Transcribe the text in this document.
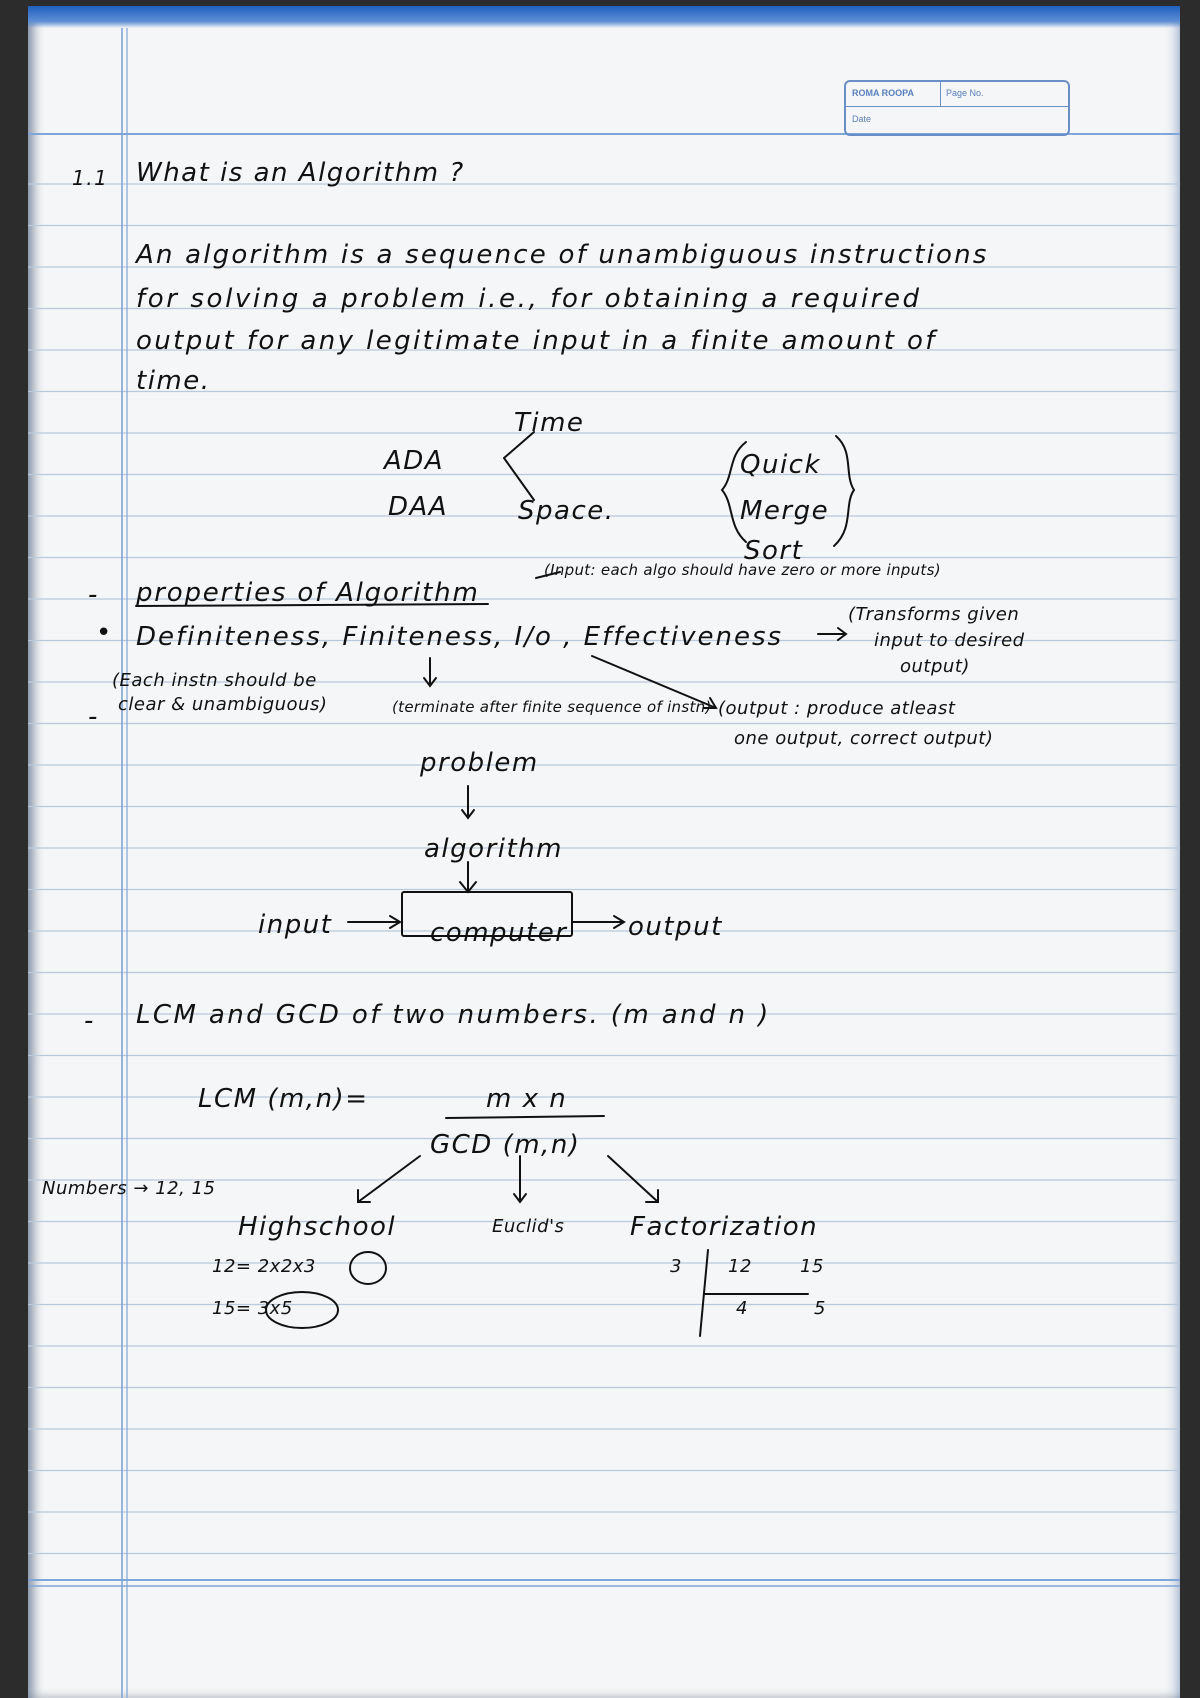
ROMA ROOPA	Page No.
Date
1.1 What is an Algorithm ?
An algorithm is a sequence of unambiguous instructions
for solving a problem i.e., for obtaining a required
output for any legitimate input in a finite amount of
time.
Time
ADA
DAA	Space.
Quick
Merge
Sort
- properties of Algorithm
(Input: each algo should have zero or more inputs)
• Definiteness, Finiteness, I/o , Effectiveness
(Transforms given
input to desired
output)
(Each instn should be
clear & unambiguous)
-	(terminate after finite sequence of instn) (output : produce atleast
one output, correct output)
problem
algorithm
input	computer output
- LCM and GCD of two numbers. (m and n )
LCM (m,n)=	m x n
GCD (m,n)
Numbers → 12, 15
Highschool	Euclid's	Factorization
12= 2x2x3
15= 3x5
3	12	15
4	5
